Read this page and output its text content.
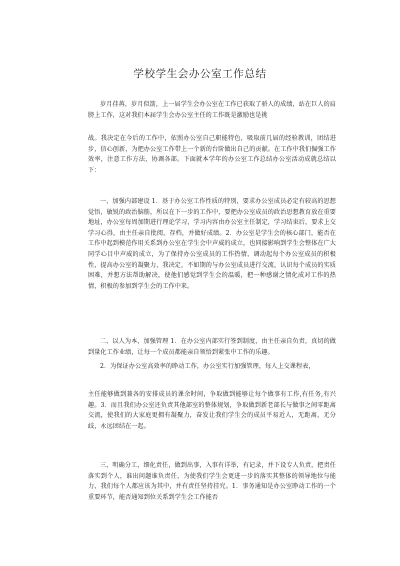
学校学生会办公室工作总结
岁月荏苒，岁月似箭，上一届学生会办公室在工作已获取了骄人的成绩，站在巨人的肩膀上工作，这对我们本届学生会办公室主任的工作既是激励也是挑
战。我决定在今后的工作中，依照办公室自己职能特色，吸取前几届的经验教训，团结进步，信心创新，为把办公室工作带上一个新的台阶做出自己的贡献。在工作中我们倔强工作效率，注意工作方法，协调各部。下面就本学年的办公室工作总结办公室活动成就总结以下：
一、加强内部建设 1．基于办公室工作性质的特别，要求办公室成员必定有较高的思想觉悟，敏锐的政治脑筋，所以在下一步的工作中，要把办公室成员的政治思想教育放在重要地址，办公室每周加期进行理论学习，学习内容由办公室主任制定，学习结束后，要求上交学习心得，由主任亲自批阅，存档，并做好成绩。2．办公室是学生会的核心部门，能否在工作中起到模范作用关系到办公室在学生会中声威的成立，也同接影响到学生会整体在广大同学心目中声威的成立，为了保持办公室成员的工作热情，调动起每个办公室成员的积极性，提高办公室的凝聚力，我决定，不如期的与办公室成员进行交流，认识每个成员的实质困难，并想方法帮助解决，使他们感觉到学生会的温暖，把一种感谢之情化成对工作的热情，积极的参加到学生会的工作中来。
二、以人为本，加强管理 1．在办公室内部实行签到制度，由主任亲自负责，真切的做到量化工作业绩，让每一个成员都能亲自领悟到紧张中工作的乐趣。
2．为保证办公室高效率的睁动工作，办公室实行加强管理，每人上交课程表，
主任能够做到兼各的安排成员的课余时间，争取做到能够让每个做事有工作,有任务,有兴趣。3．而且我们办公室还负责其他部室的整体规划，争取做到新老部长与做事之间零距离交流，使我们的大家庭更拥有凝聚力，奋发让我们学生会的成员平易近人，无距离，无分歧，永远团结在一起。
三、明确分工，细化责任，做到出事，入事有详举，有记录，并下设专人负责，把责任落实到个人，谁出问题谁负责任，为使我们学生会更进一步的落实其整体的领导地位与能力，我们每个人都应该为其中，并有责任坚持挂究。1．事务通知是办公室睁动工作的一个重要环节，能否通知到位关系到学生会工作能否
